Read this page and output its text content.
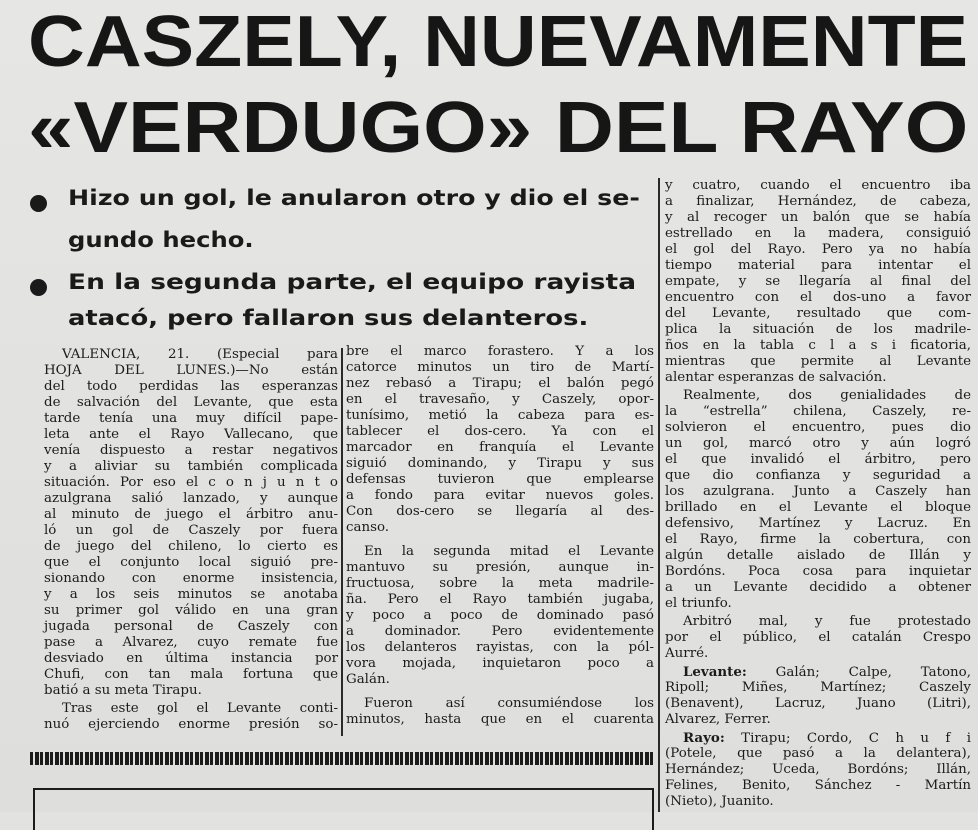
CASZELY, NUEVAMENTE
«VERDUGO» DEL RAYO
Hizo un gol, le anularon otro y dio el se-
gundo hecho.
En la segunda parte, el equipo rayista
atacó, pero fallaron sus delanteros.
VALENCIA, 21. (Especial para
HOJA DEL LUNES.)—No están
del todo perdidas las esperanzas
de salvación del Levante, que esta
tarde tenía una muy difícil pape-
leta ante el Rayo Vallecano, que
venía dispuesto a restar negativos
y a aliviar su también complicada
situación. Por eso el c o n j u n t o
azulgrana salió lanzado, y aunque
al minuto de juego el árbitro anu-
ló un gol de Caszely por fuera
de juego del chileno, lo cierto es
que el conjunto local siguió pre-
sionando con enorme insistencia,
y a los seis minutos se anotaba
su primer gol válido en una gran
jugada personal de Caszely con
pase a Alvarez, cuyo remate fue
desviado en última instancia por
Chufi, con tan mala fortuna que
batió a su meta Tirapu.
Tras este gol el Levante conti-
nuó ejerciendo enorme presión so-
bre el marco forastero. Y a los
catorce minutos un tiro de Martí-
nez rebasó a Tirapu; el balón pegó
en el travesaño, y Caszely, opor-
tunísimo, metió la cabeza para es-
tablecer el dos-cero. Ya con el
marcador en franquía el Levante
siguió dominando, y Tirapu y sus
defensas tuvieron que emplearse
a fondo para evitar nuevos goles.
Con dos-cero se llegaría al des-
canso.
En la segunda mitad el Levante
mantuvo su presión, aunque in-
fructuosa, sobre la meta madrile-
ña. Pero el Rayo también jugaba,
y poco a poco de dominado pasó
a dominador. Pero evidentemente
los delanteros rayistas, con la pól-
vora mojada, inquietaron poco a
Galán.
Fueron así consumiéndose los
minutos, hasta que en el cuarenta
y cuatro, cuando el encuentro iba
a finalizar, Hernández, de cabeza,
y al recoger un balón que se había
estrellado en la madera, consiguió
el gol del Rayo. Pero ya no había
tiempo material para intentar el
empate, y se llegaría al final del
encuentro con el dos-uno a favor
del Levante, resultado que com-
plica la situación de los madrile-
ños en la tabla c l a s i ficatoria,
mientras que permite al Levante
alentar esperanzas de salvación.
Realmente, dos genialidades de
la “estrella” chilena, Caszely, re-
solvieron el encuentro, pues dio
un gol, marcó otro y aún logró
el que invalidó el árbitro, pero
que dio confianza y seguridad a
los azulgrana. Junto a Caszely han
brillado en el Levante el bloque
defensivo, Martínez y Lacruz. En
el Rayo, firme la cobertura, con
algún detalle aislado de Illán y
Bordóns. Poca cosa para inquietar
a un Levante decidido a obtener
el triunfo.
Arbitró mal, y fue protestado
por el público, el catalán Crespo
Aurré.
Levante: Galán; Calpe, Tatono,
Ripoll; Miñes, Martínez; Caszely
(Benavent), Lacruz, Juano (Litri),
Alvarez, Ferrer.
Rayo: Tirapu; Cordo, C h u f i
(Potele, que pasó a la delantera),
Hernández; Uceda, Bordóns; Illán,
Felines, Benito, Sánchez - Martín
(Nieto), Juanito.
